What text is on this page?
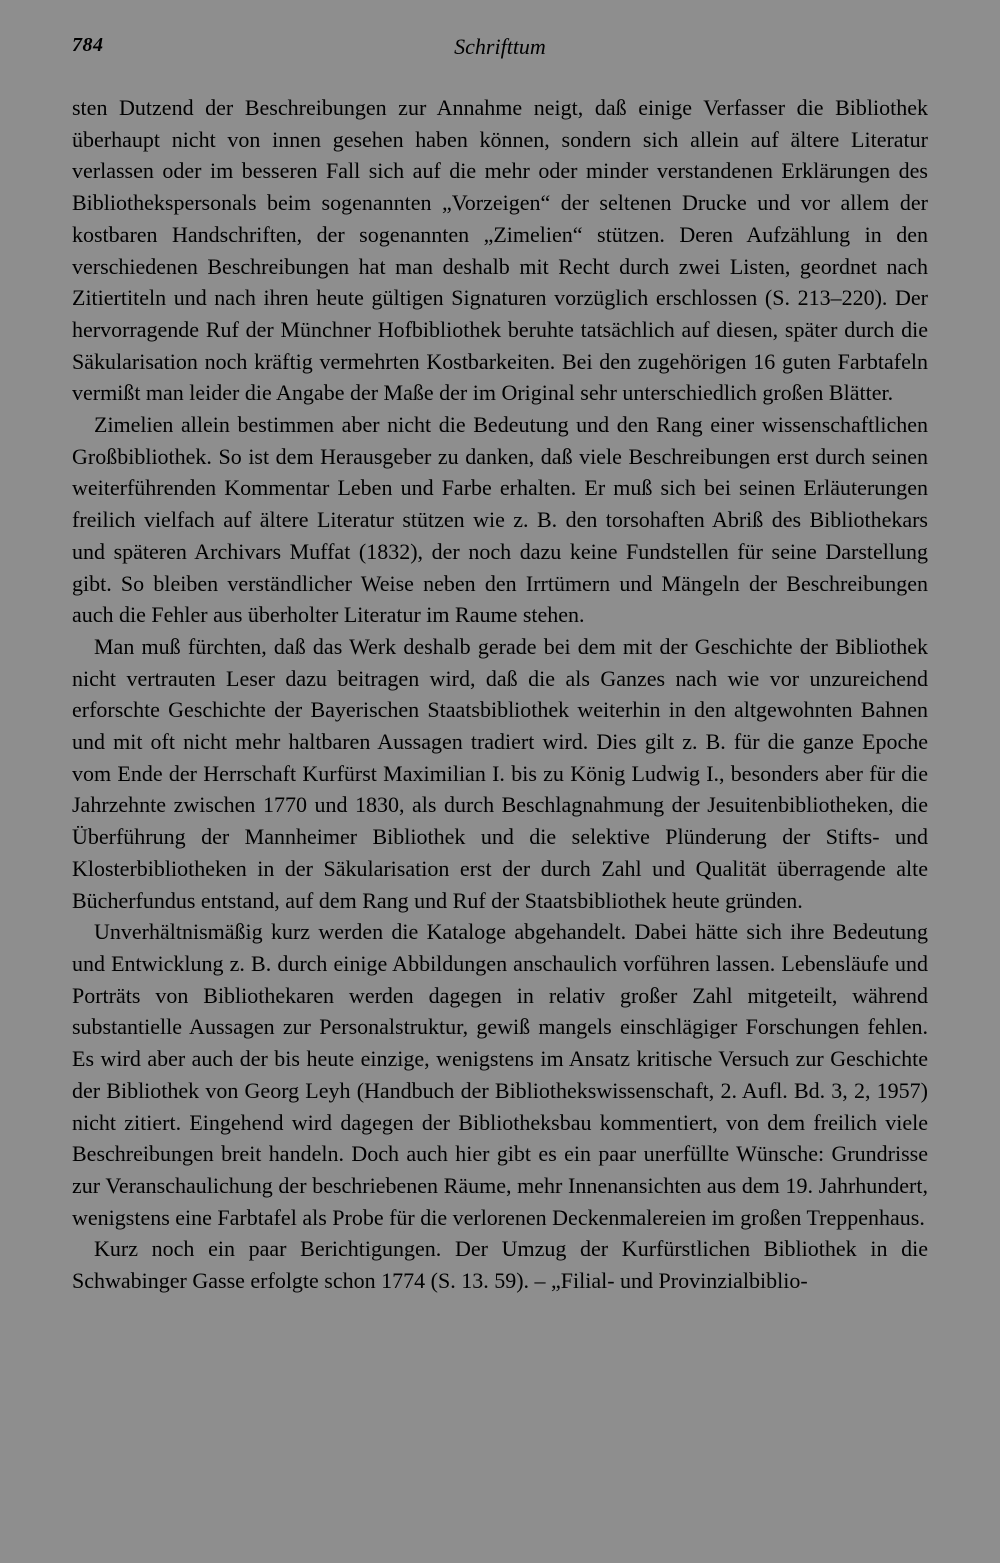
784	Schrifttum

sten Dutzend der Beschreibungen zur Annahme neigt, daß einige Verfasser die Bibliothek überhaupt nicht von innen gesehen haben können, sondern sich allein auf ältere Literatur verlassen oder im besseren Fall sich auf die mehr oder minder verstandenen Erklärungen des Bibliothekspersonals beim sogenannten „Vorzeigen“ der seltenen Drucke und vor allem der kostbaren Handschriften, der sogenannten „Zimelien“ stützen. Deren Aufzählung in den verschiedenen Beschreibungen hat man deshalb mit Recht durch zwei Listen, geordnet nach Zitiertiteln und nach ihren heute gültigen Signaturen vorzüglich erschlossen (S. 213–220). Der hervorragende Ruf der Münchner Hofbibliothek beruhte tatsächlich auf diesen, später durch die Säkularisation noch kräftig vermehrten Kostbarkeiten. Bei den zugehörigen 16 guten Farbtafeln vermißt man leider die Angabe der Maße der im Original sehr unterschiedlich großen Blätter.

Zimelien allein bestimmen aber nicht die Bedeutung und den Rang einer wissenschaftlichen Großbibliothek. So ist dem Herausgeber zu danken, daß viele Beschreibungen erst durch seinen weiterführenden Kommentar Leben und Farbe erhalten. Er muß sich bei seinen Erläuterungen freilich vielfach auf ältere Literatur stützen wie z. B. den torsohaften Abriß des Bibliothekars und späteren Archivars Muffat (1832), der noch dazu keine Fundstellen für seine Darstellung gibt. So bleiben verständlicher Weise neben den Irrtümern und Mängeln der Beschreibungen auch die Fehler aus überholter Literatur im Raume stehen.

Man muß fürchten, daß das Werk deshalb gerade bei dem mit der Geschichte der Bibliothek nicht vertrauten Leser dazu beitragen wird, daß die als Ganzes nach wie vor unzureichend erforschte Geschichte der Bayerischen Staatsbibliothek weiterhin in den altgewohnten Bahnen und mit oft nicht mehr haltbaren Aussagen tradiert wird. Dies gilt z. B. für die ganze Epoche vom Ende der Herrschaft Kurfürst Maximilian I. bis zu König Ludwig I., besonders aber für die Jahrzehnte zwischen 1770 und 1830, als durch Beschlagnahmung der Jesuitenbibliotheken, die Überführung der Mannheimer Bibliothek und die selektive Plünderung der Stifts- und Klosterbibliotheken in der Säkularisation erst der durch Zahl und Qualität überragende alte Bücherfundus entstand, auf dem Rang und Ruf der Staatsbibliothek heute gründen.

Unverhältnismäßig kurz werden die Kataloge abgehandelt. Dabei hätte sich ihre Bedeutung und Entwicklung z. B. durch einige Abbildungen anschaulich vorführen lassen. Lebensläufe und Porträts von Bibliothekaren werden dagegen in relativ großer Zahl mitgeteilt, während substantielle Aussagen zur Personalstruktur, gewiß mangels einschlägiger Forschungen fehlen. Es wird aber auch der bis heute einzige, wenigstens im Ansatz kritische Versuch zur Geschichte der Bibliothek von Georg Leyh (Handbuch der Bibliothekswissenschaft, 2. Aufl. Bd. 3, 2, 1957) nicht zitiert. Eingehend wird dagegen der Bibliotheksbau kommentiert, von dem freilich viele Beschreibungen breit handeln. Doch auch hier gibt es ein paar unerfüllte Wünsche: Grundrisse zur Veranschaulichung der beschriebenen Räume, mehr Innenansichten aus dem 19. Jahrhundert, wenigstens eine Farbtafel als Probe für die verlorenen Deckenmalereien im großen Treppenhaus.

Kurz noch ein paar Berichtigungen. Der Umzug der Kurfürstlichen Bibliothek in die Schwabinger Gasse erfolgte schon 1774 (S. 13. 59). – „Filial- und Provinzialbiblio-
